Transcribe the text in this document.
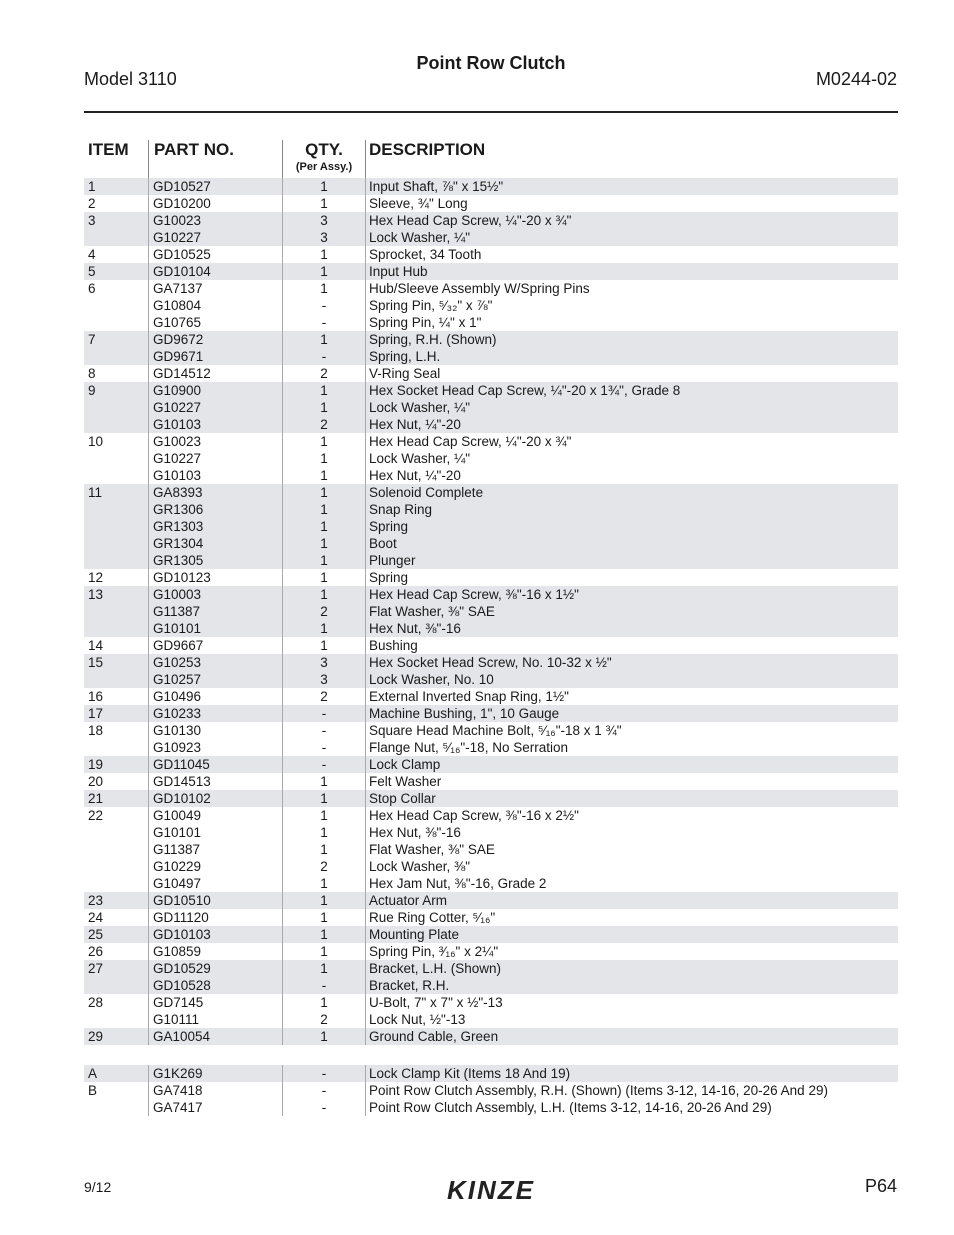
Point Row Clutch
Model 3110	M0244-02
ITEM PART NO.	QTY.
(Per Assy.)
DESCRIPTION
1	GD10527	1	Input Shaft, ⅞" x 15½"
2	GD10200	1	Sleeve, ¾" Long
3	G10023	3	Hex Head Cap Screw, ¼"-20 x ¾"
G10227	3	Lock Washer, ¼"
4	GD10525	1	Sprocket, 34 Tooth
5	GD10104	1	Input Hub
6	GA7137	1	Hub/Sleeve Assembly W/Spring Pins
G10804	-	Spring Pin, ⁵⁄₃₂" x ⅞"
G10765	-	Spring Pin, ¼" x 1"
7	GD9672	1	Spring, R.H. (Shown)
GD9671	-	Spring, L.H.
8	GD14512	2	V-Ring Seal
9	G10900	1	Hex Socket Head Cap Screw, ¼"-20 x 1¾", Grade 8
G10227	1	Lock Washer, ¼"
G10103	2	Hex Nut, ¼"-20
10	G10023	1	Hex Head Cap Screw, ¼"-20 x ¾"
G10227	1	Lock Washer, ¼"
G10103	1	Hex Nut, ¼"-20
11	GA8393	1	Solenoid Complete
GR1306	1	Snap Ring
GR1303	1	Spring
GR1304	1	Boot
GR1305	1	Plunger
12	GD10123	1	Spring
13	G10003	1	Hex Head Cap Screw, ⅜"-16 x 1½"
G11387	2	Flat Washer, ⅜" SAE
G10101	1	Hex Nut, ⅜"-16
14	GD9667	1	Bushing
15	G10253	3	Hex Socket Head Screw, No. 10-32 x ½"
G10257	3	Lock Washer, No. 10
16	G10496	2	External Inverted Snap Ring, 1½"
17	G10233	-	Machine Bushing, 1", 10 Gauge
18	G10130	-	Square Head Machine Bolt, ⁵⁄₁₆"-18 x 1 ¾"
G10923	-	Flange Nut, ⁵⁄₁₆"-18, No Serration
19	GD11045	-	Lock Clamp
20	GD14513	1	Felt Washer
21	GD10102	1	Stop Collar
22	G10049	1	Hex Head Cap Screw, ⅜"-16 x 2½"
G10101	1	Hex Nut, ⅜"-16
G11387	1	Flat Washer, ⅜" SAE
G10229	2	Lock Washer, ⅜"
G10497	1	Hex Jam Nut, ⅜"-16, Grade 2
23	GD10510	1	Actuator Arm
24	GD11120	1	Rue Ring Cotter, ⁵⁄₁₆"
25	GD10103	1	Mounting Plate
26	G10859	1	Spring Pin, ³⁄₁₆" x 2¼"
27	GD10529	1	Bracket, L.H. (Shown)
GD10528	-	Bracket, R.H.
28	GD7145	1	U-Bolt, 7" x 7" x ½"-13
G10111	2	Lock Nut, ½"-13
29	GA10054	1	Ground Cable, Green
A	G1K269	-	Lock Clamp Kit (Items 18 And 19)
B	GA7418	-	Point Row Clutch Assembly, R.H. (Shown) (Items 3-12, 14-16, 20-26 And 29)
GA7417	-	Point Row Clutch Assembly, L.H. (Items 3-12, 14-16, 20-26 And 29)
9/12	KINZE	P64
